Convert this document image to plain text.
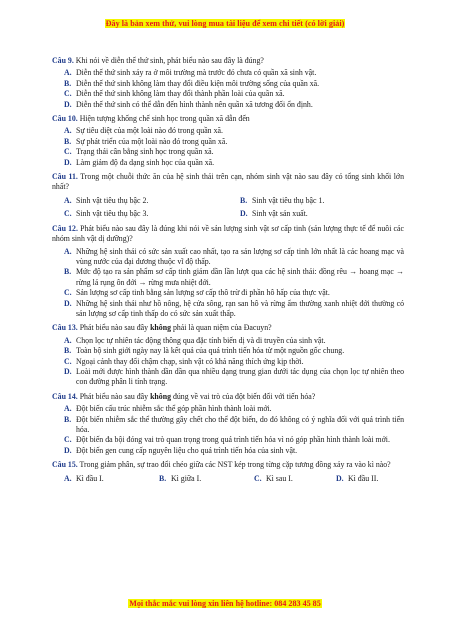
Đây là bản xem thử, vui lòng mua tài liệu để xem chi tiết (có lời giải)
Câu 9. Khi nói về diễn thế thứ sinh, phát biểu nào sau đây là đúng?
A. Diễn thế thứ sinh xảy ra ở môi trường mà trước đó chưa có quần xã sinh vật.
B. Diễn thế thứ sinh không làm thay đổi điều kiện môi trường sống của quần xã.
C. Diễn thế thứ sinh không làm thay đổi thành phần loài của quần xã.
D. Diễn thế thứ sinh có thể dẫn đến hình thành nên quần xã tương đối ổn định.
Câu 10. Hiện tượng khống chế sinh học trong quần xã dẫn đến
A. Sự tiêu diệt của một loài nào đó trong quần xã.
B. Sự phát triển của một loài nào đó trong quần xã.
C. Trạng thái cân bằng sinh học trong quần xã.
D. Làm giảm độ đa dạng sinh học của quần xã.
Câu 11. Trong một chuỗi thức ăn của hệ sinh thái trên cạn, nhóm sinh vật nào sau đây có tổng sinh khối lớn nhất?
A. Sinh vật tiêu thụ bậc 2.	B. Sinh vật tiêu thụ bậc 1.
C. Sinh vật tiêu thụ bậc 3.	D. Sinh vật sản xuất.
Câu 12. Phát biểu nào sau đây là đúng khi nói về sản lượng sinh vật sơ cấp tinh (sản lượng thực tế để nuôi các nhóm sinh vật dị dưỡng)?
A. Những hệ sinh thái có sức sản xuất cao nhất, tạo ra sản lượng sơ cấp tinh lớn nhất là các hoang mạc và vùng nước của đại dương thuộc vĩ độ thấp.
B. Mức độ tạo ra sản phẩm sơ cấp tinh giảm dần lần lượt qua các hệ sinh thái: đồng rêu → hoang mạc → rừng lá rụng ôn đới → rừng mưa nhiệt đới.
C. Sản lượng sơ cấp tinh bằng sản lượng sơ cấp thô trừ đi phần hô hấp của thực vật.
D. Những hệ sinh thái như hồ nông, hệ cửa sông, rạn san hô và rừng ẩm thường xanh nhiệt đới thường có sản lượng sơ cấp tinh thấp do có sức sản xuất thấp.
Câu 13. Phát biểu nào sau đây không phải là quan niệm của Đacuyn?
A. Chọn lọc tự nhiên tác động thông qua đặc tính biến dị và di truyền của sinh vật.
B. Toàn bộ sinh giới ngày nay là kết quả của quá trình tiến hóa từ một nguồn gốc chung.
C. Ngoại cảnh thay đổi chậm chạp, sinh vật có khả năng thích ứng kịp thời.
D. Loài mới được hình thành dần dần qua nhiều dạng trung gian dưới tác dụng của chọn lọc tự nhiên theo con đường phân li tính trạng.
Câu 14. Phát biểu nào sau đây không đúng về vai trò của đột biến đối với tiến hóa?
A. Đột biến cấu trúc nhiễm sắc thể góp phần hình thành loài mới.
B. Đột biến nhiễm sắc thể thường gây chết cho thể đột biến, do đó không có ý nghĩa đối với quá trình tiến hóa.
C. Đột biến đa bội đóng vai trò quan trọng trong quá trình tiến hóa vì nó góp phần hình thành loài mới.
D. Đột biến gen cung cấp nguyên liệu cho quá trình tiến hóa của sinh vật.
Câu 15. Trong giảm phân, sự trao đổi chéo giữa các NST kép trong từng cặp tương đồng xảy ra vào kì nào?
A. Kì đầu I.	B. Kì giữa I.	C. Kì sau I.	D. Kì đầu II.
Mọi thắc mắc vui lòng xin liên hệ hotline: 084 283 45 85
